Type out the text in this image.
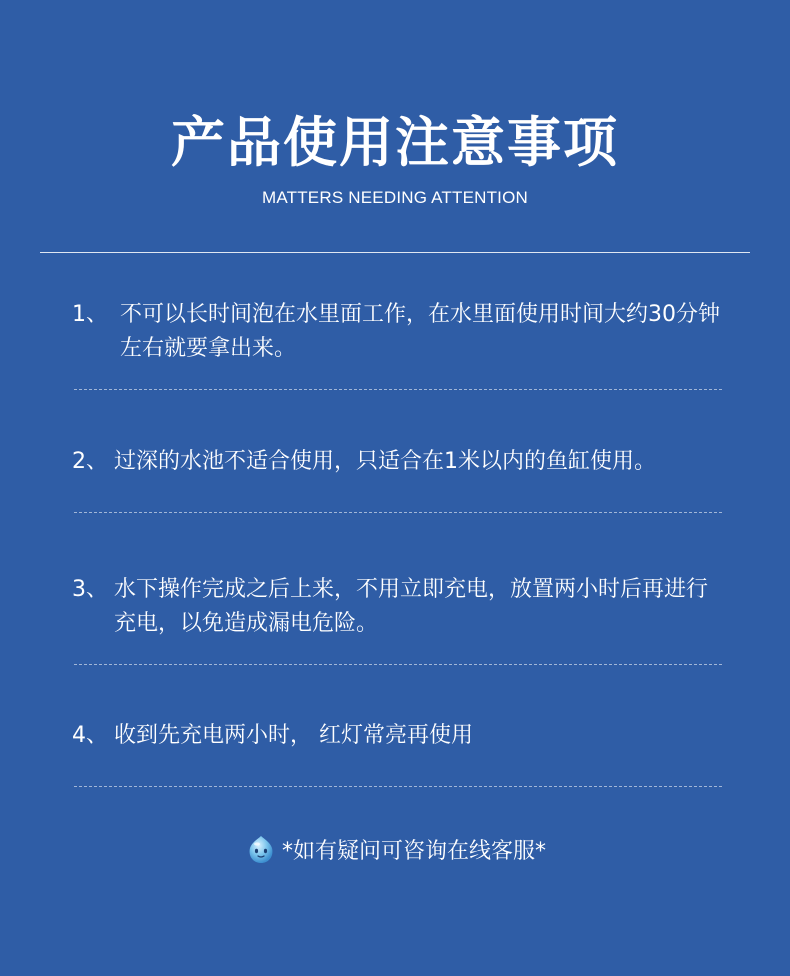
产品使用注意事项
MATTERS NEEDING ATTENTION
1、 不可以长时间泡在水里面工作，在水里面使用时间大约30分钟左右就要拿出来。
2、 过深的水池不适合使用，只适合在1米以内的鱼缸使用。
3、 水下操作完成之后上来，不用立即充电，放置两小时后再进行充电，以免造成漏电危险。
4、 收到先充电两小时， 红灯常亮再使用
*如有疑问可咨询在线客服*
